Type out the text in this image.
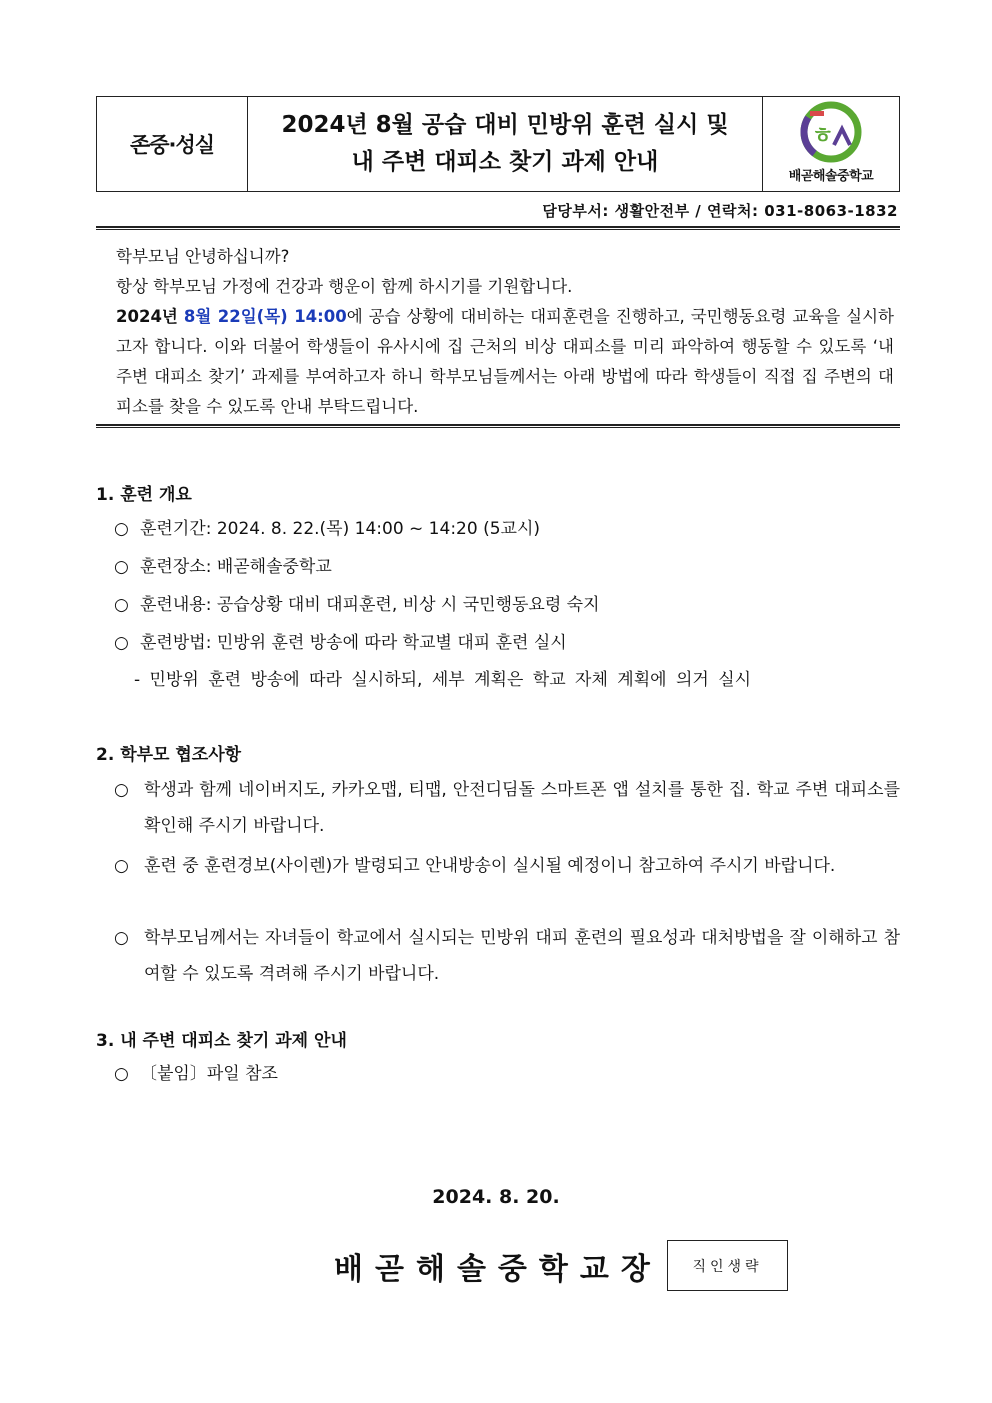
존중·성실
2024년 8월 공습 대비 민방위 훈련 실시 및
내 주변 대피소 찾기 과제 안내
ㅎ
배곧해솔중학교
담당부서: 생활안전부 / 연락처: 031-8063-1832

학부모님 안녕하십니까?

항상 학부모님 가정에 건강과 행운이 함께 하시기를 기원합니다.

2024년 8월 22일(목) 14:00에 공습 상황에 대비하는 대피훈련을 진행하고, 국민행동요령 교육을 실시하고자 합니다. 이와 더불어 학생들이 유사시에 집 근처의 비상 대피소를 미리 파악하여 행동할 수 있도록 ‘내 주변 대피소 찾기’ 과제를 부여하고자 하니 학부모님들께서는 아래 방법에 따라 학생들이 직접 집 주변의 대피소를 찾을 수 있도록 안내 부탁드립니다.

1. 훈련 개요
○ 훈련기간: 2024. 8. 22.(목) 14:00 ~ 14:20 (5교시)
○ 훈련장소: 배곧해솔중학교
○ 훈련내용: 공습상황 대비 대피훈련, 비상 시 국민행동요령 숙지
○ 훈련방법: 민방위 훈련 방송에 따라 학교별 대피 훈련 실시
- 민방위 훈련 방송에 따라 실시하되, 세부 계획은 학교 자체 계획에 의거 실시
2. 학부모 협조사항
○ 학생과 함께 네이버지도, 카카오맵, 티맵, 안전디딤돌 스마트폰 앱 설치를 통한 집. 학교 주변 대피소를 확인해 주시기 바랍니다.
○ 훈련 중 훈련경보(사이렌)가 발령되고 안내방송이 실시될 예정이니 참고하여 주시기 바랍니다.
○ 학부모님께서는 자녀들이 학교에서 실시되는 민방위 대피 훈련의 필요성과 대처방법을 잘 이해하고 참여할 수 있도록 격려해 주시기 바랍니다.
3. 내 주변 대피소 찾기 과제 안내
○ 〔붙임〕파일 참조
2024. 8. 20.
배곧해솔중학교장	직인생략
